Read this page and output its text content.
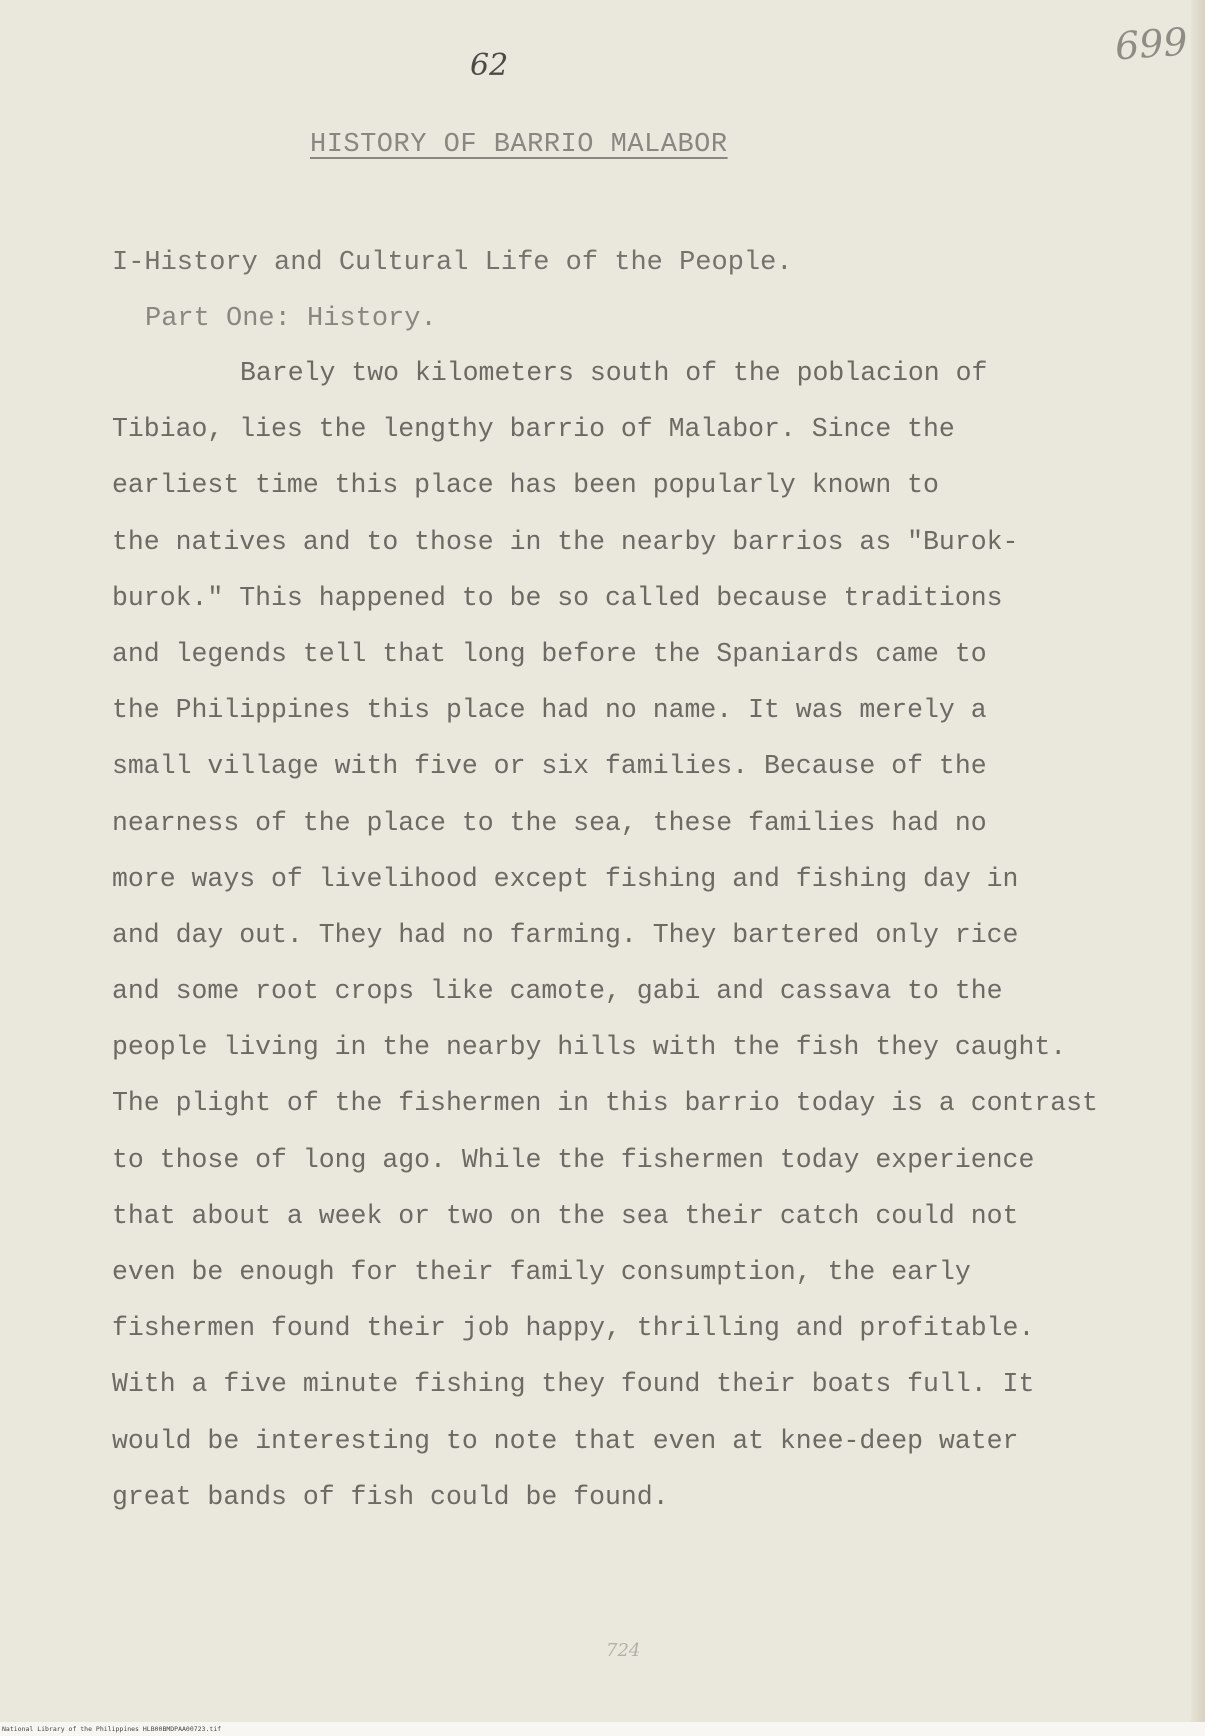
62	699
HISTORY OF BARRIO MALABOR
I-History and Cultural Life of the People.
Part One: History.
Barely two kilometers south of the poblacion of
Tibiao, lies the lengthy barrio of Malabor. Since the
earliest time this place has been popularly known to
the natives and to those in the nearby barrios as "Burok-
burok." This happened to be so called because traditions
and legends tell that long before the Spaniards came to
the Philippines this place had no name. It was merely a
small village with five or six families. Because of the
nearness of the place to the sea, these families had no
more ways of livelihood except fishing and fishing day in
and day out. They had no farming. They bartered only rice
and some root crops like camote, gabi and cassava to the
people living in the nearby hills with the fish they caught.
The plight of the fishermen in this barrio today is a contrast
to those of long ago. While the fishermen today experience
that about a week or two on the sea their catch could not
even be enough for their family consumption, the early
fishermen found their job happy, thrilling and profitable.
With a five minute fishing they found their boats full. It
would be interesting to note that even at knee-deep water
great bands of fish could be found.
724
National Library of the Philippines HLB00BMDPAA00723.tif
